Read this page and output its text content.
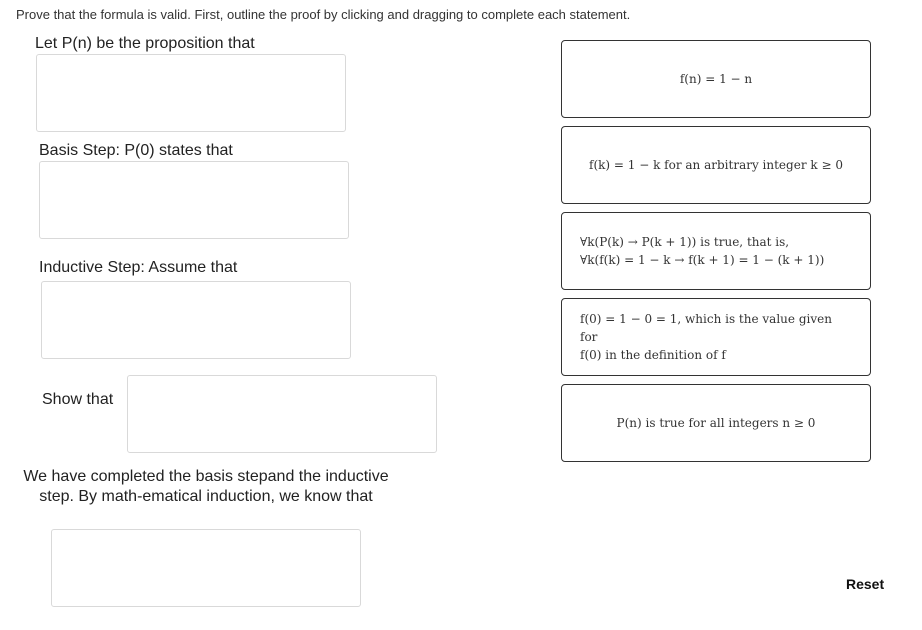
Prove that the formula is valid. First, outline the proof by clicking and dragging to complete each statement.
Let P(n) be the proposition that
Basis Step: P(0) states that
Inductive Step: Assume that
Show that
We have completed the basis stepand the inductive step. By math-ematical induction, we know that
f(n) = 1 − n
f(k) = 1 − k for an arbitrary integer k ≥ 0
∀k(P(k) → P(k + 1)) is true, that is,
∀k(f(k) = 1 − k → f(k + 1) = 1 − (k + 1))
f(0) = 1 − 0 = 1, which is the value given for
f(0) in the definition of f
P(n) is true for all integers n ≥ 0
Reset
